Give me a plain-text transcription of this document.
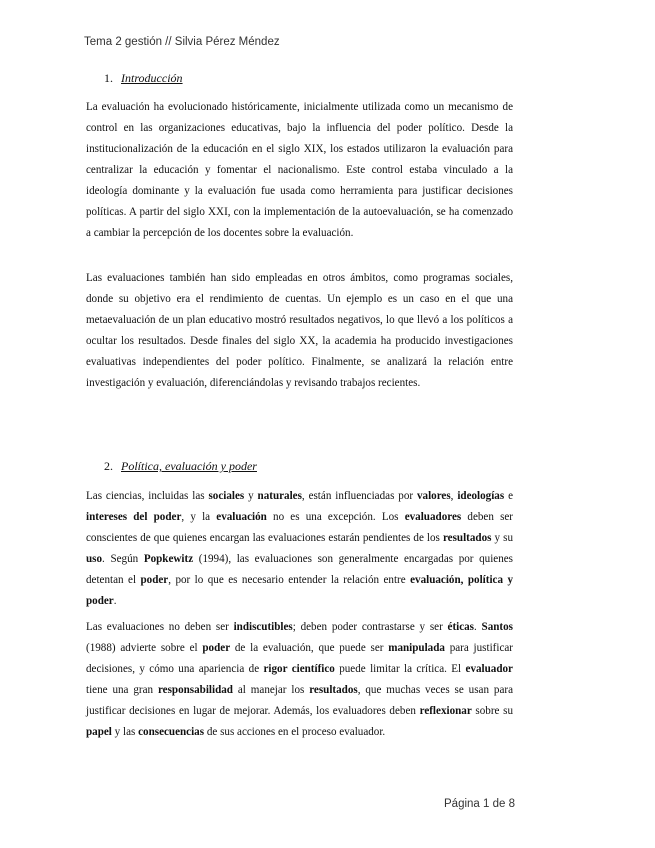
Tema 2 gestión // Silvia Pérez Méndez
1. Introducción

La evaluación ha evolucionado históricamente, inicialmente utilizada como un mecanismo de control en las organizaciones educativas, bajo la influencia del poder político. Desde la institucionalización de la educación en el siglo XIX, los estados utilizaron la evaluación para centralizar la educación y fomentar el nacionalismo. Este control estaba vinculado a la ideología dominante y la evaluación fue usada como herramienta para justificar decisiones políticas. A partir del siglo XXI, con la implementación de la autoevaluación, se ha comenzado a cambiar la percepción de los docentes sobre la evaluación.

Las evaluaciones también han sido empleadas en otros ámbitos, como programas sociales, donde su objetivo era el rendimiento de cuentas. Un ejemplo es un caso en el que una metaevaluación de un plan educativo mostró resultados negativos, lo que llevó a los políticos a ocultar los resultados. Desde finales del siglo XX, la academia ha producido investigaciones evaluativas independientes del poder político. Finalmente, se analizará la relación entre investigación y evaluación, diferenciándolas y revisando trabajos recientes.

2. Política, evaluación y poder

Las ciencias, incluidas las sociales y naturales, están influenciadas por valores, ideologías e intereses del poder, y la evaluación no es una excepción. Los evaluadores deben ser conscientes de que quienes encargan las evaluaciones estarán pendientes de los resultados y su uso. Según Popkewitz (1994), las evaluaciones son generalmente encargadas por quienes detentan el poder, por lo que es necesario entender la relación entre evaluación, política y poder.

Las evaluaciones no deben ser indiscutibles; deben poder contrastarse y ser éticas. Santos (1988) advierte sobre el poder de la evaluación, que puede ser manipulada para justificar decisiones, y cómo una apariencia de rigor científico puede limitar la crítica. El evaluador tiene una gran responsabilidad al manejar los resultados, que muchas veces se usan para justificar decisiones en lugar de mejorar. Además, los evaluadores deben reflexionar sobre su papel y las consecuencias de sus acciones en el proceso evaluador.

Página 1 de 8
